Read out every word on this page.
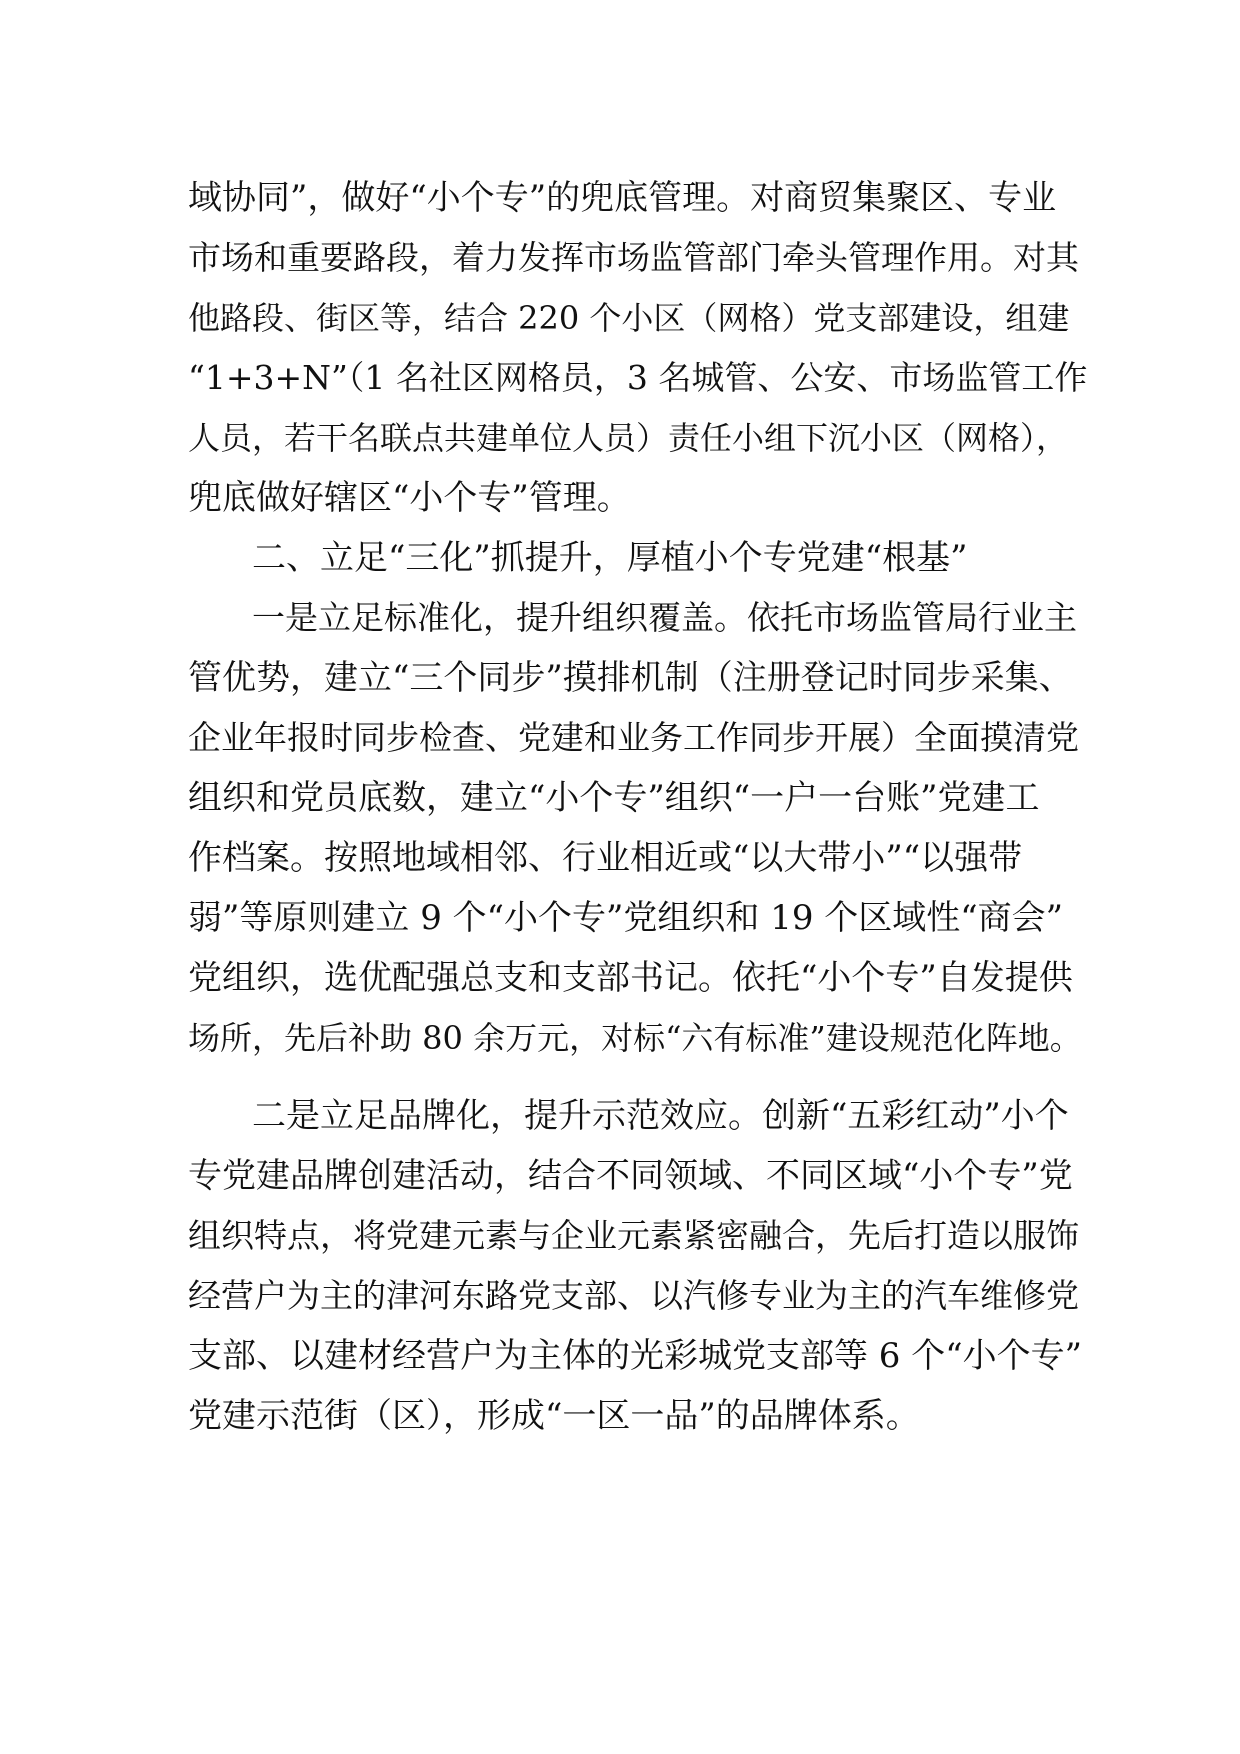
域协同”，做好“小个专”的兜底管理。对商贸集聚区、专业
市场和重要路段，着力发挥市场监管部门牵头管理作用。对其
他路段、街区等，结合 220 个小区（网格）党支部建设，组建
“1+3+N”（1 名社区网格员，3 名城管、公安、市场监管工作
人员，若干名联点共建单位人员）责任小组下沉小区（网格），
兜底做好辖区“小个专”管理。
二、立足“三化”抓提升，厚植小个专党建“根基”
一是立足标准化，提升组织覆盖。依托市场监管局行业主
管优势，建立“三个同步”摸排机制（注册登记时同步采集、
企业年报时同步检查、党建和业务工作同步开展）全面摸清党
组织和党员底数，建立“小个专”组织“一户一台账”党建工
作档案。按照地域相邻、行业相近或“以大带小”“以强带
弱”等原则建立 9 个“小个专”党组织和 19 个区域性“商会”
党组织，选优配强总支和支部书记。依托“小个专”自发提供
场所，先后补助 80 余万元，对标“六有标准”建设规范化阵地。
二是立足品牌化，提升示范效应。创新“五彩红动”小个
专党建品牌创建活动，结合不同领域、不同区域“小个专”党
组织特点，将党建元素与企业元素紧密融合，先后打造以服饰
经营户为主的津河东路党支部、以汽修专业为主的汽车维修党
支部、以建材经营户为主体的光彩城党支部等 6 个“小个专”
党建示范街（区），形成“一区一品”的品牌体系。
